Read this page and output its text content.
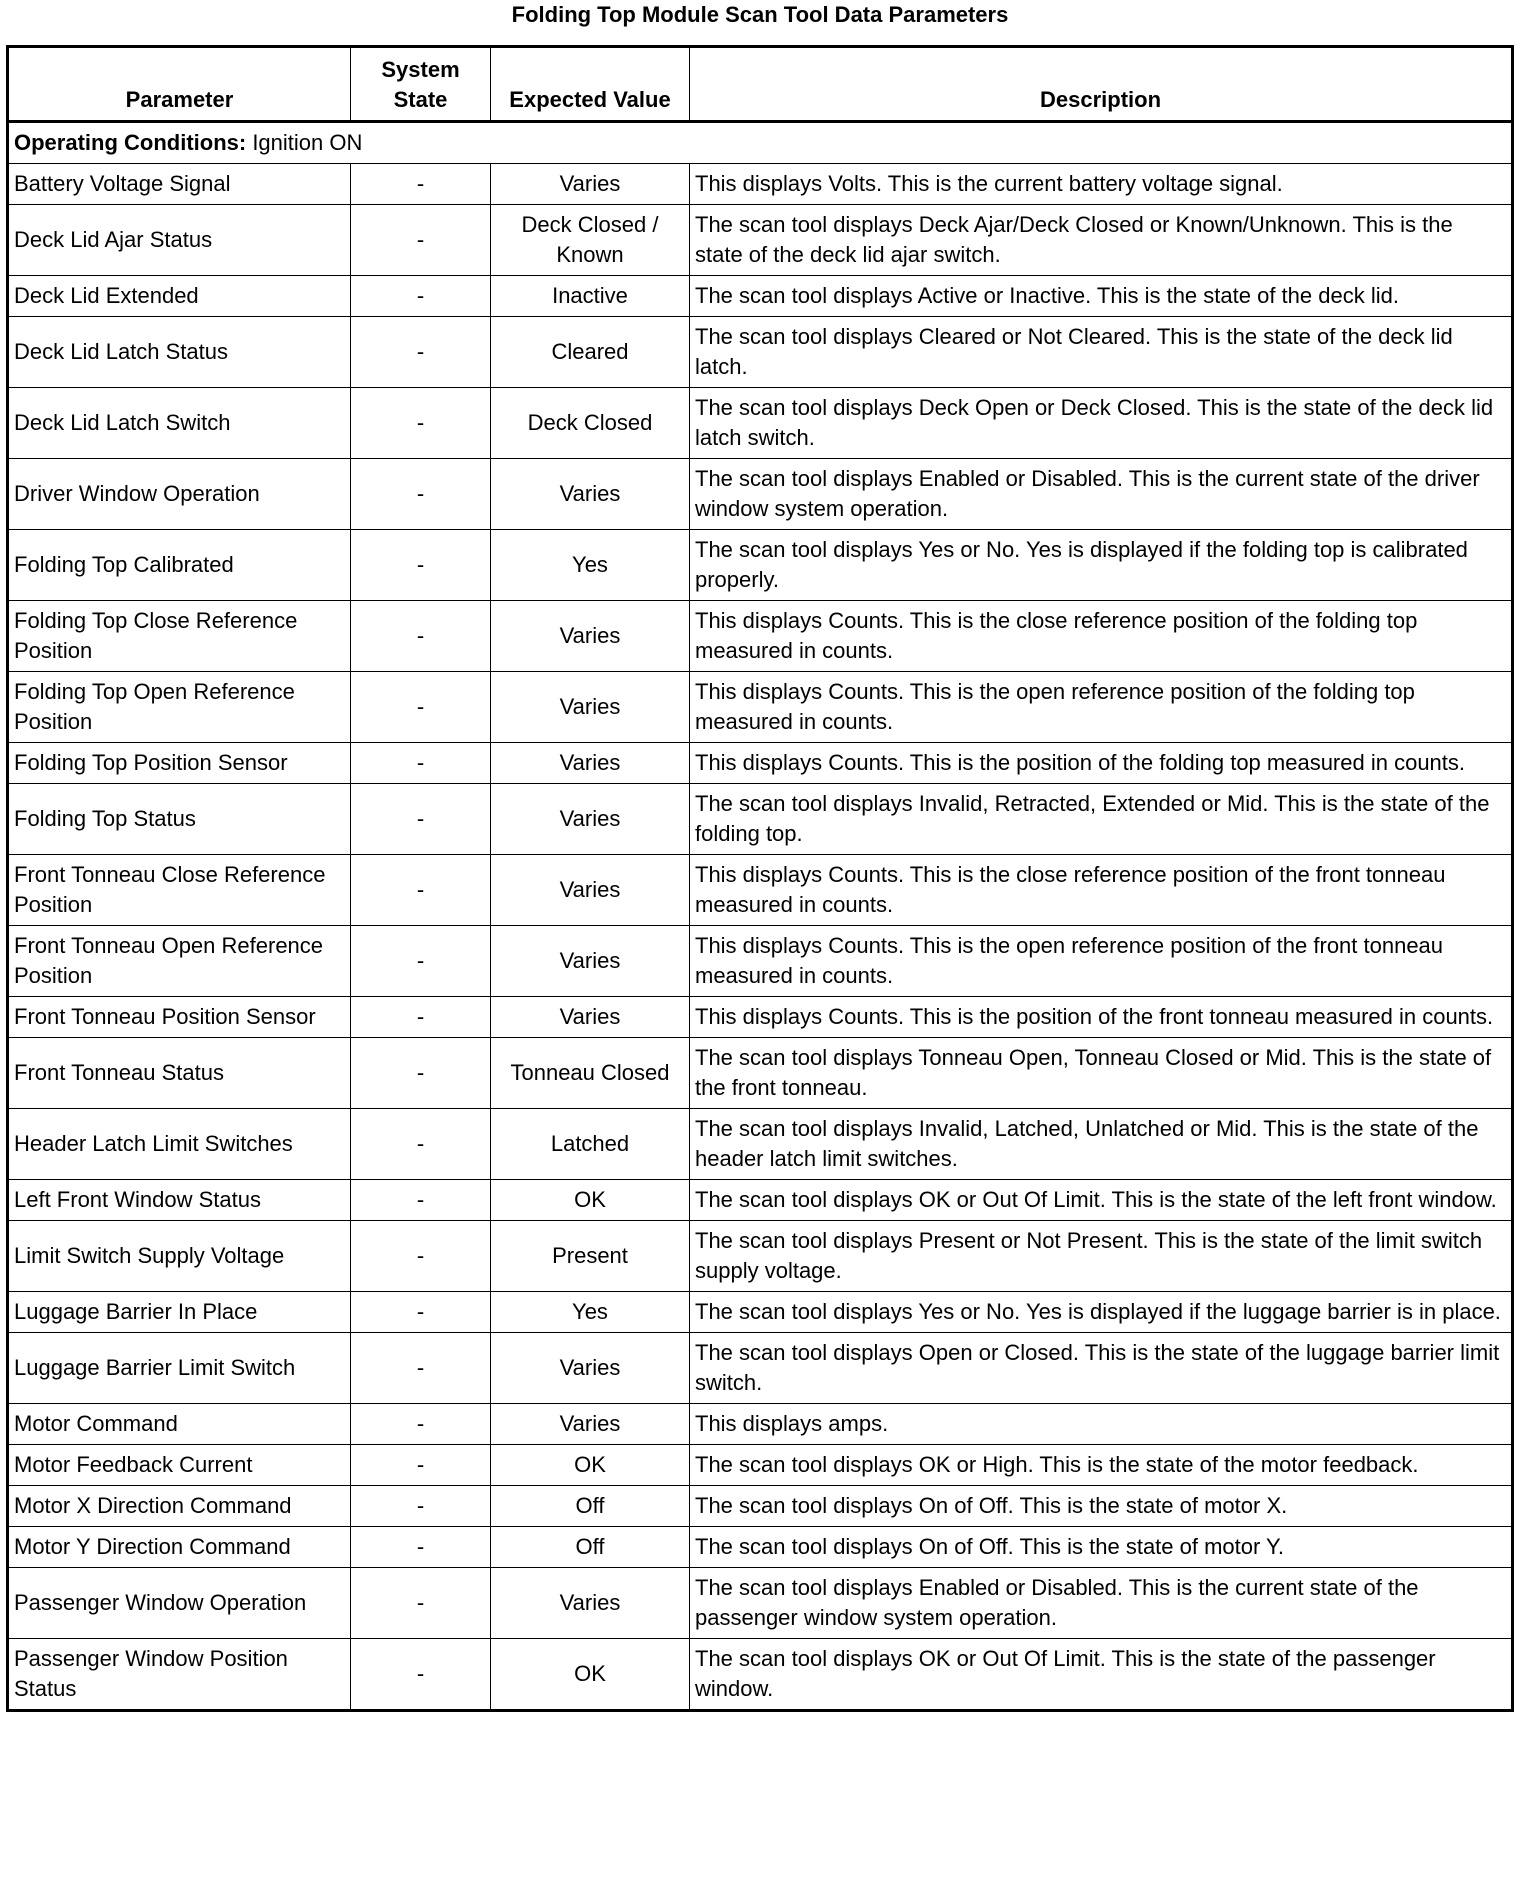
Folding Top Module Scan Tool Data Parameters
Parameter	System State	Expected Value	Description
Operating Conditions: Ignition ON			
Battery Voltage Signal	-	Varies	This displays Volts. This is the current battery voltage signal.
Deck Lid Ajar Status	-	Deck Closed / Known	The scan tool displays Deck Ajar/Deck Closed or Known/Unknown. This is the state of the deck lid ajar switch.
Deck Lid Extended	-	Inactive	The scan tool displays Active or Inactive. This is the state of the deck lid.
Deck Lid Latch Status	-	Cleared	The scan tool displays Cleared or Not Cleared. This is the state of the deck lid latch.
Deck Lid Latch Switch	-	Deck Closed	The scan tool displays Deck Open or Deck Closed. This is the state of the deck lid latch switch.
Driver Window Operation	-	Varies	The scan tool displays Enabled or Disabled. This is the current state of the driver window system operation.
Folding Top Calibrated	-	Yes	The scan tool displays Yes or No. Yes is displayed if the folding top is calibrated properly.
Folding Top Close Reference Position	-	Varies	This displays Counts. This is the close reference position of the folding top measured in counts.
Folding Top Open Reference Position	-	Varies	This displays Counts. This is the open reference position of the folding top measured in counts.
Folding Top Position Sensor	-	Varies	This displays Counts. This is the position of the folding top measured in counts.
Folding Top Status	-	Varies	The scan tool displays Invalid, Retracted, Extended or Mid. This is the state of the folding top.
Front Tonneau Close Reference Position	-	Varies	This displays Counts. This is the close reference position of the front tonneau measured in counts.
Front Tonneau Open Reference Position	-	Varies	This displays Counts. This is the open reference position of the front tonneau measured in counts.
Front Tonneau Position Sensor	-	Varies	This displays Counts. This is the position of the front tonneau measured in counts.
Front Tonneau Status	-	Tonneau Closed	The scan tool displays Tonneau Open, Tonneau Closed or Mid. This is the state of the front tonneau.
Header Latch Limit Switches	-	Latched	The scan tool displays Invalid, Latched, Unlatched or Mid. This is the state of the header latch limit switches.
Left Front Window Status	-	OK	The scan tool displays OK or Out Of Limit. This is the state of the left front window.
Limit Switch Supply Voltage	-	Present	The scan tool displays Present or Not Present. This is the state of the limit switch supply voltage.
Luggage Barrier In Place	-	Yes	The scan tool displays Yes or No. Yes is displayed if the luggage barrier is in place.
Luggage Barrier Limit Switch	-	Varies	The scan tool displays Open or Closed. This is the state of the luggage barrier limit switch.
Motor Command	-	Varies	This displays amps.
Motor Feedback Current	-	OK	The scan tool displays OK or High. This is the state of the motor feedback.
Motor X Direction Command	-	Off	The scan tool displays On of Off. This is the state of motor X.
Motor Y Direction Command	-	Off	The scan tool displays On of Off. This is the state of motor Y.
Passenger Window Operation	-	Varies	The scan tool displays Enabled or Disabled. This is the current state of the passenger window system operation.
Passenger Window Position Status	-	OK	The scan tool displays OK or Out Of Limit. This is the state of the passenger window.
